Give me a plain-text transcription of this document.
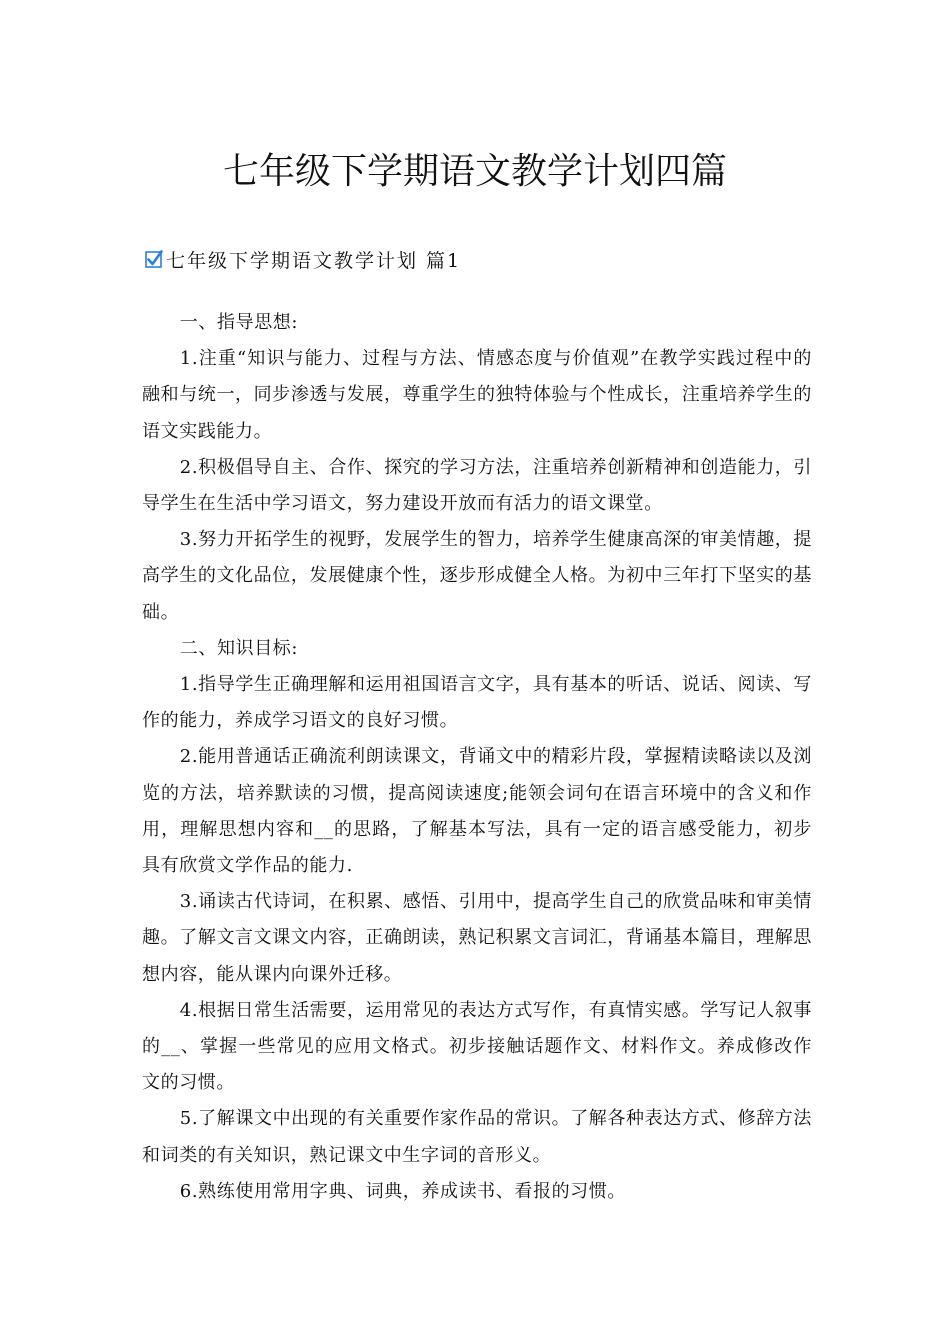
七年级下学期语文教学计划四篇
七年级下学期语文教学计划 篇1

一、指导思想:

1.注重“知识与能力、过程与方法、情感态度与价值观”在教学实践过程中的融和与统一，同步渗透与发展，尊重学生的独特体验与个性成长，注重培养学生的语文实践能力。

2.积极倡导自主、合作、探究的学习方法，注重培养创新精神和创造能力，引导学生在生活中学习语文，努力建设开放而有活力的语文课堂。

3.努力开拓学生的视野，发展学生的智力，培养学生健康高深的审美情趣，提高学生的文化品位，发展健康个性，逐步形成健全人格。为初中三年打下坚实的基础。

二、知识目标:

1.指导学生正确理解和运用祖国语言文字，具有基本的听话、说话、阅读、写作的能力，养成学习语文的良好习惯。

2.能用普通话正确流利朗读课文，背诵文中的精彩片段，掌握精读略读以及浏览的方法，培养默读的习惯，提高阅读速度;能领会词句在语言环境中的含义和作用，理解思想内容和__的思路，了解基本写法，具有一定的语言感受能力，初步具有欣赏文学作品的能力.

3.诵读古代诗词，在积累、感悟、引用中，提高学生自己的欣赏品味和审美情趣。了解文言文课文内容，正确朗读，熟记积累文言词汇，背诵基本篇目，理解思想内容，能从课内向课外迁移。

4.根据日常生活需要，运用常见的表达方式写作，有真情实感。学写记人叙事的__、掌握一些常见的应用文格式。初步接触话题作文、材料作文。养成修改作文的习惯。

5.了解课文中出现的有关重要作家作品的常识。了解各种表达方式、修辞方法和词类的有关知识，熟记课文中生字词的音形义。

6.熟练使用常用字典、词典，养成读书、看报的习惯。
